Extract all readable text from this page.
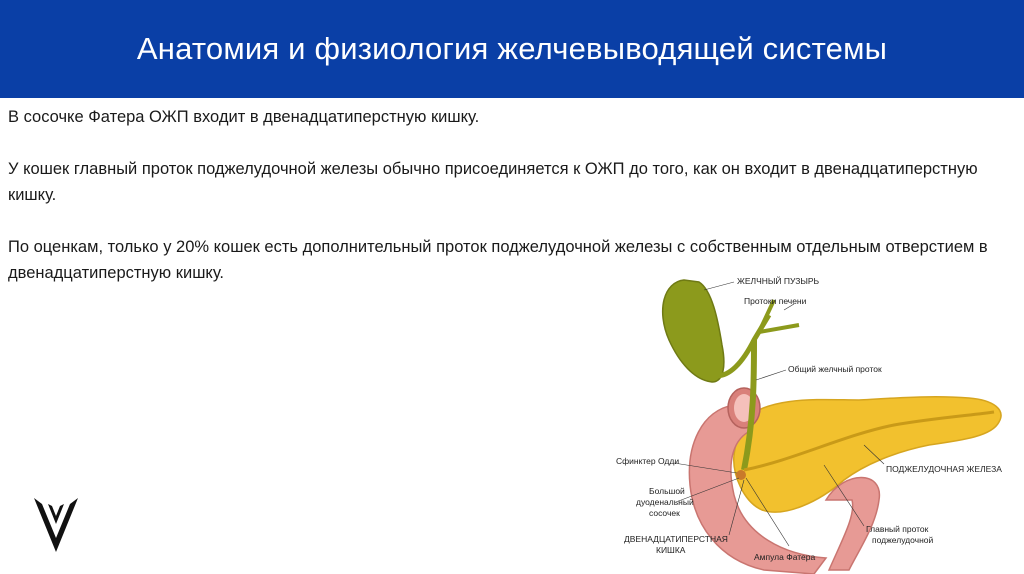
Анатомия и физиология желчевыводящей системы

В сосочке Фатера ОЖП входит в двенадцатиперстную кишку.

У кошек главный проток поджелудочной железы обычно присоединяется к ОЖП до того, как он входит в двенадцатиперстную кишку.

По оценкам, только у 20% кошек есть дополнительный проток поджелудочной железы с собственным отдельным отверстием в двенадцатиперстную кишку.	ЖЕЛЧНЫЙ ПУЗЫРЬ
Протоки печени
Общий желчный проток
Сфинктер Одди
Большой
дуоденальный
сосочек
ДВЕНАДЦАТИПЕРСТНАЯ
КИШКА
Ампула Фатера
Главный проток
поджелудочной
ПОДЖЕЛУДОЧНАЯ ЖЕЛЕЗА
